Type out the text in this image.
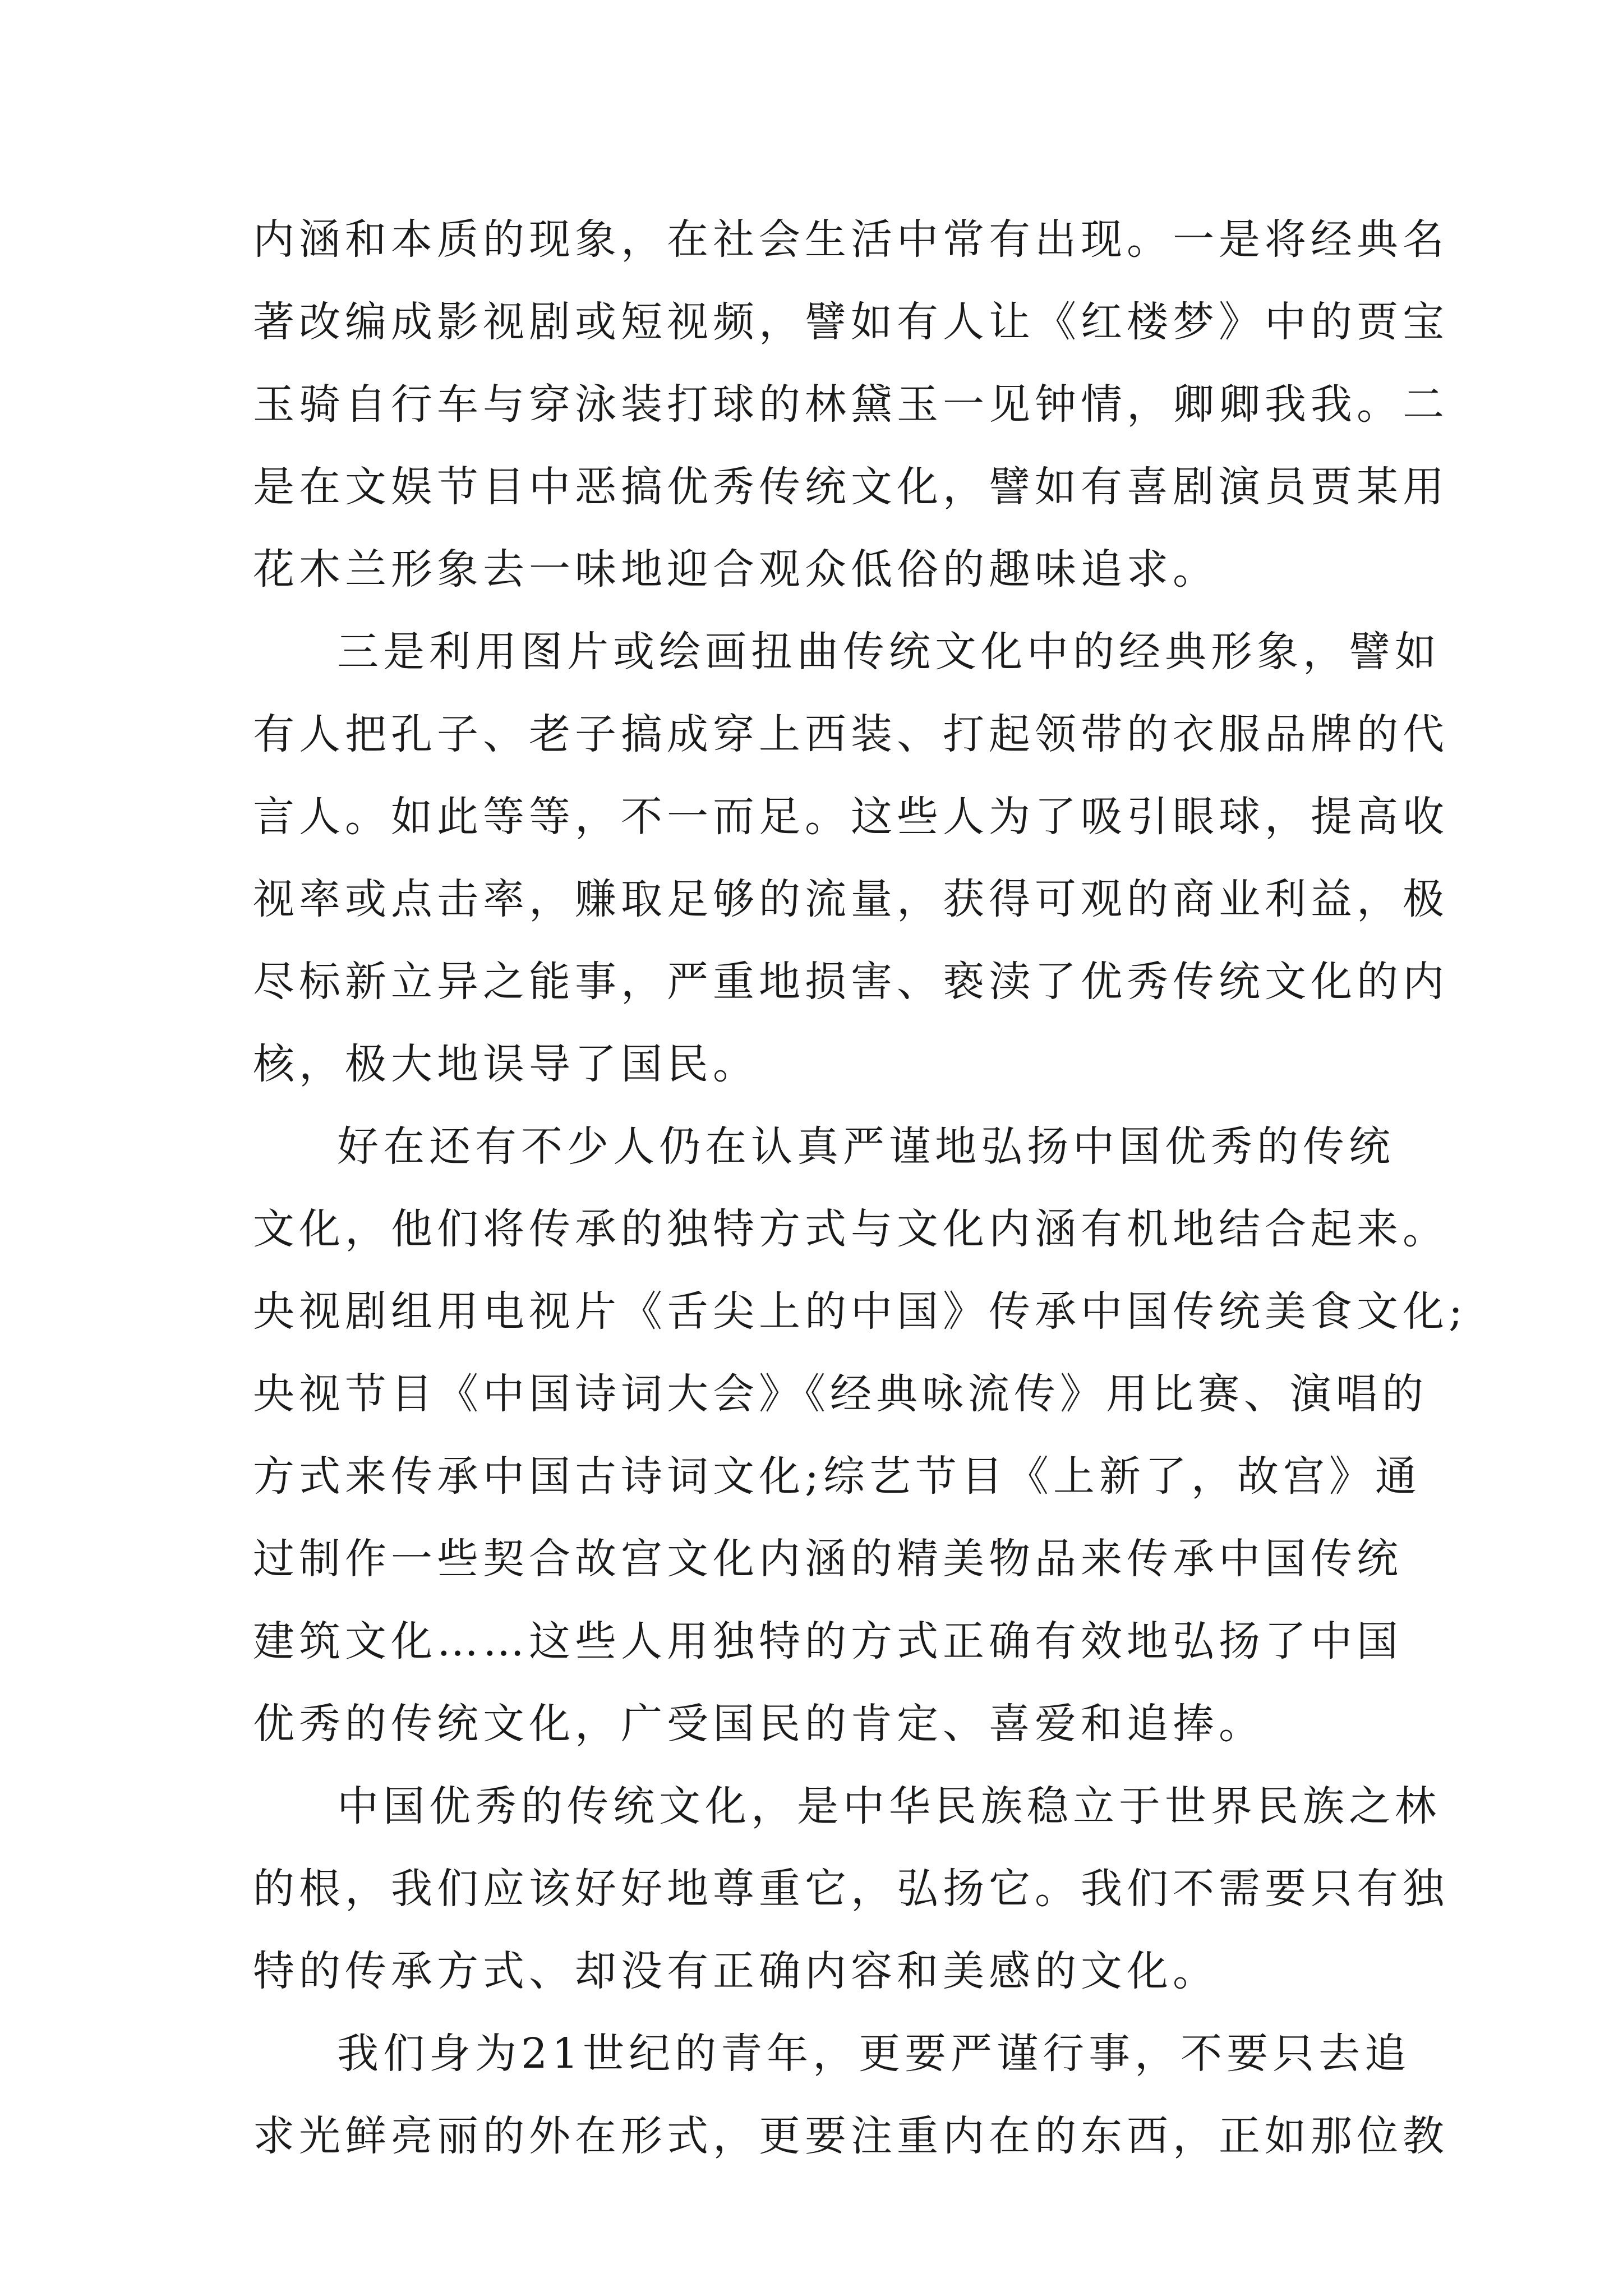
内涵和本质的现象，在社会生活中常有出现。一是将经典名
著改编成影视剧或短视频，譬如有人让《红楼梦》中的贾宝
玉骑自行车与穿泳装打球的林黛玉一见钟情，卿卿我我。二
是在文娱节目中恶搞优秀传统文化，譬如有喜剧演员贾某用
花木兰形象去一味地迎合观众低俗的趣味追求。
三是利用图片或绘画扭曲传统文化中的经典形象，譬如
有人把孔子、老子搞成穿上西装、打起领带的衣服品牌的代
言人。如此等等，不一而足。这些人为了吸引眼球，提高收
视率或点击率，赚取足够的流量，获得可观的商业利益，极
尽标新立异之能事，严重地损害、亵渎了优秀传统文化的内
核，极大地误导了国民。
好在还有不少人仍在认真严谨地弘扬中国优秀的传统
文化，他们将传承的独特方式与文化内涵有机地结合起来。
央视剧组用电视片《舌尖上的中国》传承中国传统美食文化;
央视节目《中国诗词大会》《经典咏流传》用比赛、演唱的
方式来传承中国古诗词文化;综艺节目《上新了，故宫》通
过制作一些契合故宫文化内涵的精美物品来传承中国传统
建筑文化……这些人用独特的方式正确有效地弘扬了中国
优秀的传统文化，广受国民的肯定、喜爱和追捧。
中国优秀的传统文化，是中华民族稳立于世界民族之林
的根，我们应该好好地尊重它，弘扬它。我们不需要只有独
特的传承方式、却没有正确内容和美感的文化。
我们身为21世纪的青年，更要严谨行事，不要只去追
求光鲜亮丽的外在形式，更要注重内在的东西，正如那位教
